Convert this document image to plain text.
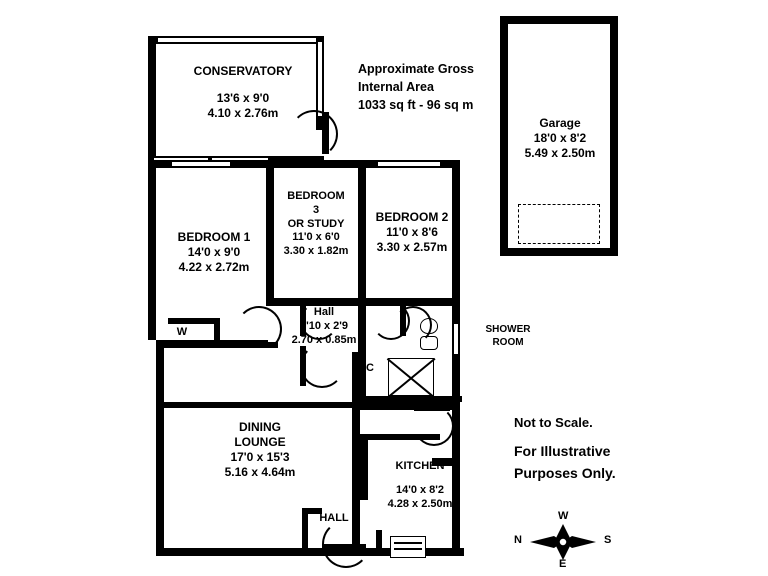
Garage
18'0 x 8'2
5.49 x 2.50m
CONSERVATORY
13'6 x 9'0
4.10 x 2.76m
BEDROOM 1
14'0 x 9'0
4.22 x 2.72m
W
BEDROOM
3
OR STUDY
11'0 x 6'0
3.30 x 1.82m
BEDROOM 2
11'0 x 8'6
3.30 x 2.57m
Hall
8'10 x 2'9
2.70 x 0.85m
SHOWER
ROOM
C
DINING
LOUNGE
17'0 x 15'3
5.16 x 4.64m
HALL
KITCHEN
14'0 x 8'2
4.28 x 2.50m
Approximate Gross
Internal Area
1033 sq ft - 96 sq m
Not to Scale.
For Illustrative
Purposes Only.
N	S
W
E
